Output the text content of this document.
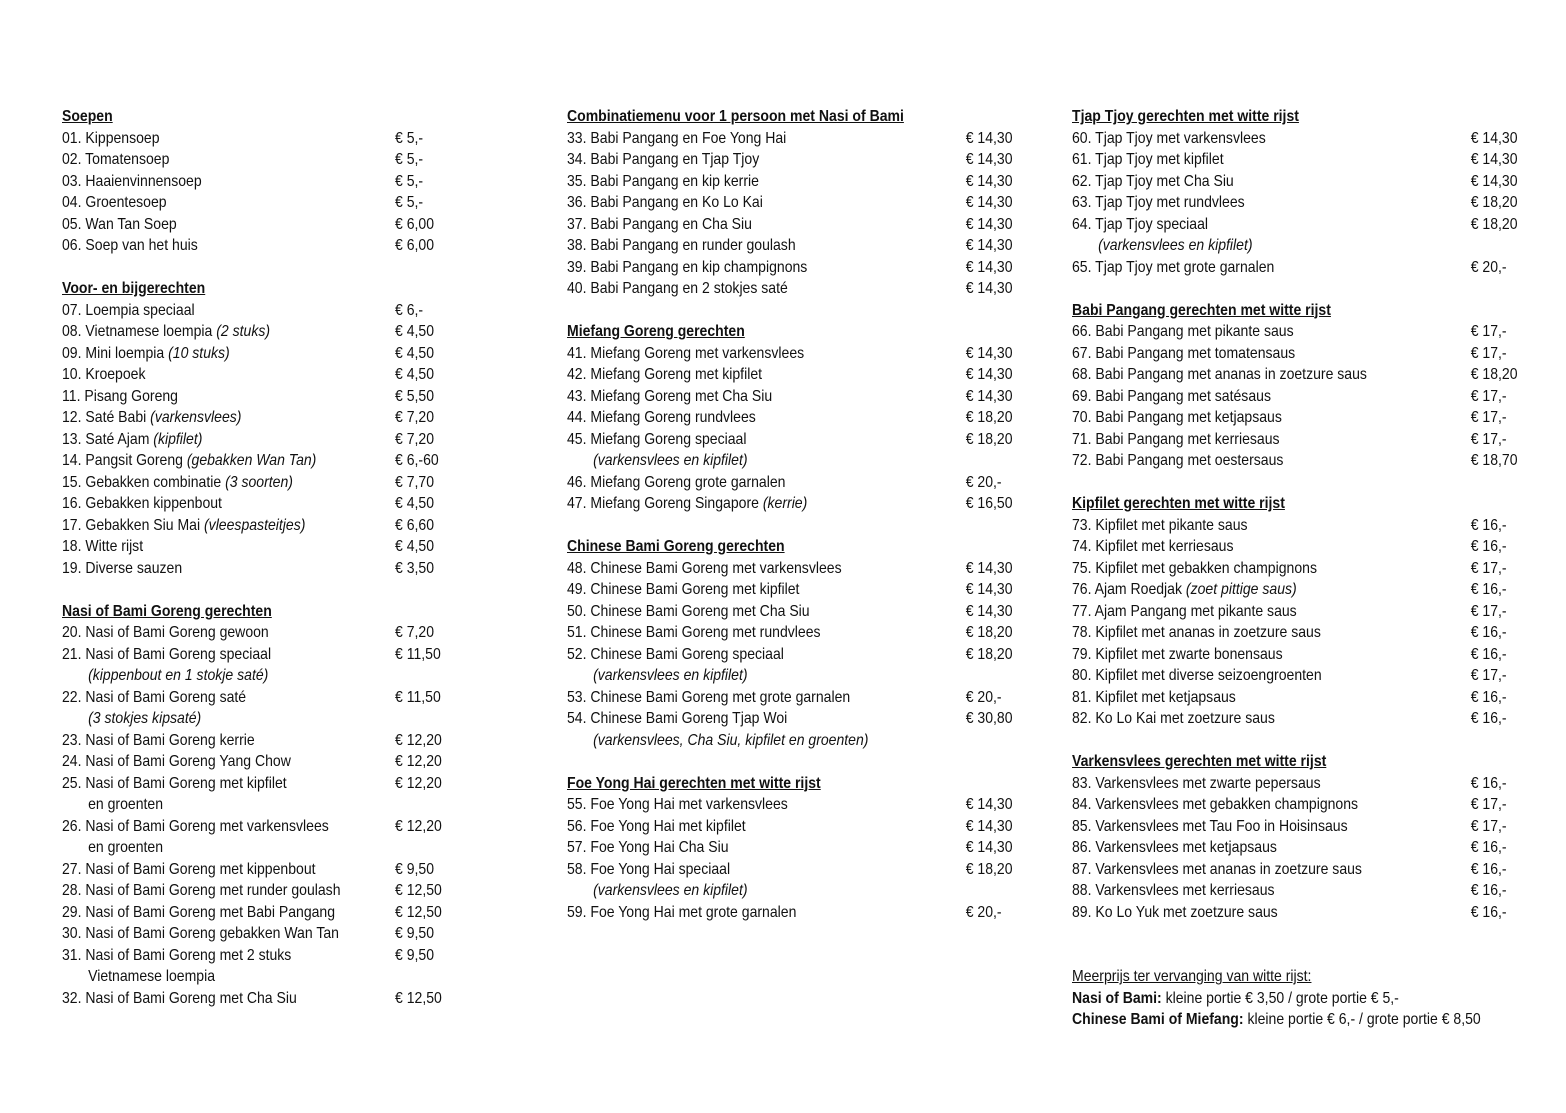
Soepen
01. Kippensoep	€ 5,-
02. Tomatensoep	€ 5,-
03. Haaienvinnensoep	€ 5,-
04. Groentesoep	€ 5,-
05. Wan Tan Soep	€ 6,00
06. Soep van het huis	€ 6,00
Voor- en bijgerechten
07. Loempia speciaal	€ 6,-
08. Vietnamese loempia (2 stuks)	€ 4,50
09. Mini loempia (10 stuks)	€ 4,50
10. Kroepoek	€ 4,50
11. Pisang Goreng	€ 5,50
12. Saté Babi (varkensvlees)	€ 7,20
13. Saté Ajam (kipfilet)	€ 7,20
14. Pangsit Goreng (gebakken Wan Tan)	€ 6,-60
15. Gebakken combinatie (3 soorten)	€ 7,70
16. Gebakken kippenbout	€ 4,50
17. Gebakken Siu Mai (vleespasteitjes)	€ 6,60
18. Witte rijst	€ 4,50
19. Diverse sauzen	€ 3,50
Nasi of Bami Goreng gerechten
20. Nasi of Bami Goreng gewoon	€ 7,20
21. Nasi of Bami Goreng speciaal	€ 11,50
(kippenbout en 1 stokje saté)
22. Nasi of Bami Goreng saté	€ 11,50
(3 stokjes kipsaté)
23. Nasi of Bami Goreng kerrie	€ 12,20
24. Nasi of Bami Goreng Yang Chow	€ 12,20
25. Nasi of Bami Goreng met kipfilet	€ 12,20
en groenten
26. Nasi of Bami Goreng met varkensvlees	€ 12,20
en groenten
27. Nasi of Bami Goreng met kippenbout	€ 9,50
28. Nasi of Bami Goreng met runder goulash	€ 12,50
29. Nasi of Bami Goreng met Babi Pangang	€ 12,50
30. Nasi of Bami Goreng gebakken Wan Tan	€ 9,50
31. Nasi of Bami Goreng met 2 stuks	€ 9,50
Vietnamese loempia
32. Nasi of Bami Goreng met Cha Siu	€ 12,50
Combinatiemenu voor 1 persoon met Nasi of Bami
33. Babi Pangang en Foe Yong Hai	€ 14,30
34. Babi Pangang en Tjap Tjoy	€ 14,30
35. Babi Pangang en kip kerrie	€ 14,30
36. Babi Pangang en Ko Lo Kai	€ 14,30
37. Babi Pangang en Cha Siu	€ 14,30
38. Babi Pangang en runder goulash	€ 14,30
39. Babi Pangang en kip champignons	€ 14,30
40. Babi Pangang en 2 stokjes saté	€ 14,30
Miefang Goreng gerechten
41. Miefang Goreng met varkensvlees	€ 14,30
42. Miefang Goreng met kipfilet	€ 14,30
43. Miefang Goreng met Cha Siu	€ 14,30
44. Miefang Goreng rundvlees	€ 18,20
45. Miefang Goreng speciaal	€ 18,20
(varkensvlees en kipfilet)
46. Miefang Goreng grote garnalen	€ 20,-
47. Miefang Goreng Singapore (kerrie)	€ 16,50
Chinese Bami Goreng gerechten
48. Chinese Bami Goreng met varkensvlees	€ 14,30
49. Chinese Bami Goreng met kipfilet	€ 14,30
50. Chinese Bami Goreng met Cha Siu	€ 14,30
51. Chinese Bami Goreng met rundvlees	€ 18,20
52. Chinese Bami Goreng speciaal	€ 18,20
(varkensvlees en kipfilet)
53. Chinese Bami Goreng met grote garnalen	€ 20,-
54. Chinese Bami Goreng Tjap Woi	€ 30,80
(varkensvlees, Cha Siu, kipfilet en groenten)
Foe Yong Hai gerechten met witte rijst
55. Foe Yong Hai met varkensvlees	€ 14,30
56. Foe Yong Hai met kipfilet	€ 14,30
57. Foe Yong Hai Cha Siu	€ 14,30
58. Foe Yong Hai speciaal	€ 18,20
(varkensvlees en kipfilet)
59. Foe Yong Hai met grote garnalen	€ 20,-
Tjap Tjoy gerechten met witte rijst
60. Tjap Tjoy met varkensvlees	€ 14,30
61. Tjap Tjoy met kipfilet	€ 14,30
62. Tjap Tjoy met Cha Siu	€ 14,30
63. Tjap Tjoy met rundvlees	€ 18,20
64. Tjap Tjoy speciaal	€ 18,20
(varkensvlees en kipfilet)
65. Tjap Tjoy met grote garnalen	€ 20,-
Babi Pangang gerechten met witte rijst
66. Babi Pangang met pikante saus	€ 17,-
67. Babi Pangang met tomatensaus	€ 17,-
68. Babi Pangang met ananas in zoetzure saus	€ 18,20
69. Babi Pangang met satésaus	€ 17,-
70. Babi Pangang met ketjapsaus	€ 17,-
71. Babi Pangang met kerriesaus	€ 17,-
72. Babi Pangang met oestersaus	€ 18,70
Kipfilet gerechten met witte rijst
73. Kipfilet met pikante saus	€ 16,-
74. Kipfilet met kerriesaus	€ 16,-
75. Kipfilet met gebakken champignons	€ 17,-
76. Ajam Roedjak (zoet pittige saus)	€ 16,-
77. Ajam Pangang met pikante saus	€ 17,-
78. Kipfilet met ananas in zoetzure saus	€ 16,-
79. Kipfilet met zwarte bonensaus	€ 16,-
80. Kipfilet met diverse seizoengroenten	€ 17,-
81. Kipfilet met ketjapsaus	€ 16,-
82. Ko Lo Kai met zoetzure saus	€ 16,-
Varkensvlees gerechten met witte rijst
83. Varkensvlees met zwarte pepersaus	€ 16,-
84. Varkensvlees met gebakken champignons	€ 17,-
85. Varkensvlees met Tau Foo in Hoisinsaus	€ 17,-
86. Varkensvlees met ketjapsaus	€ 16,-
87. Varkensvlees met ananas in zoetzure saus	€ 16,-
88. Varkensvlees met kerriesaus	€ 16,-
89. Ko Lo Yuk met zoetzure saus	€ 16,-
Meerprijs ter vervanging van witte rijst:
Nasi of Bami: kleine portie € 3,50 / grote portie € 5,-
Chinese Bami of Miefang: kleine portie € 6,- / grote portie € 8,50
